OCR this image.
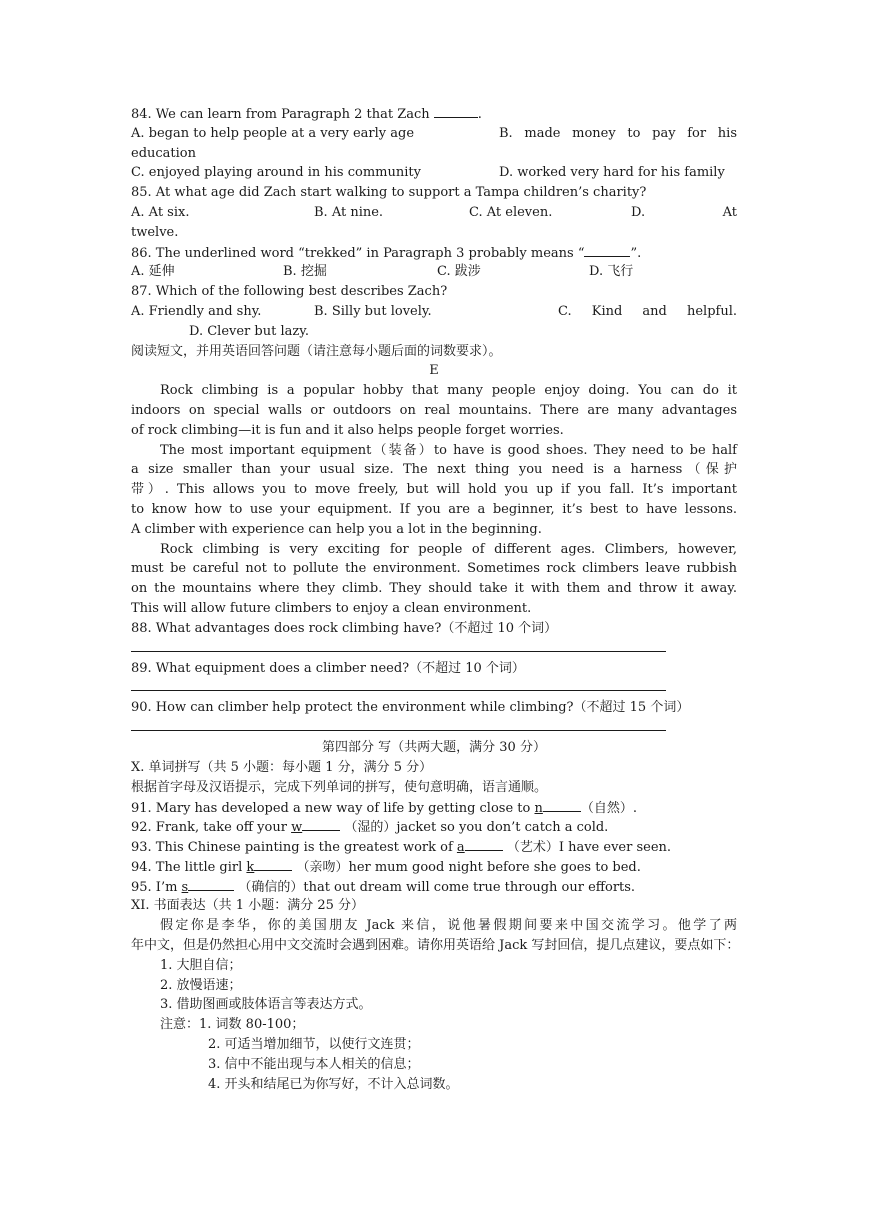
84. We can learn from Paragraph 2 that Zach	.
A. began to help people at a very early age	B. made money to pay for his
education
C. enjoyed playing around in his community	D. worked very hard for his family
85. At what age did Zach start walking to support a Tampa children’s charity?
A. At six.	B. At nine.	C. At eleven.	D. At
twelve.
86. The underlined word “trekked” in Paragraph 3 probably means “	”.
A. 延伸	B. 挖掘	C. 跋涉	D. 飞行
87. Which of the following best describes Zach?
A. Friendly and shy.	B. Silly but lovely.	C. Kind and helpful.
D. Clever but lazy.
阅读短文，并用英语回答问题（请注意每小题后面的词数要求）。
E
Rock climbing is a popular hobby that many people enjoy doing. You can do it
indoors on special walls or outdoors on real mountains. There are many advantages
of rock climbing—it is fun and it also helps people forget worries.
The most important equipment（装备）to have is good shoes. They need to be half
a size smaller than your usual size. The next thing you need is a harness（保护
带）. This allows you to move freely, but will hold you up if you fall. It’s important
to know how to use your equipment. If you are a beginner, it’s best to have lessons.
A climber with experience can help you a lot in the beginning.
Rock climbing is very exciting for people of different ages. Climbers, however,
must be careful not to pollute the environment. Sometimes rock climbers leave rubbish
on the mountains where they climb. They should take it with them and throw it away.
This will allow future climbers to enjoy a clean environment.
88. What advantages does rock climbing have?（不超过 10 个词）
89. What equipment does a climber need?（不超过 10 个词）
90. How can climber help protect the environment while climbing?（不超过 15 个词）
第四部分 写（共两大题，满分 30 分）
X. 单词拼写（共 5 小题：每小题 1 分，满分 5 分）
根据首字母及汉语提示，完成下列单词的拼写，使句意明确，语言通顺。
91. Mary has developed a new way of life by getting close to n	（自然）.
92. Frank, take off your w	（湿的）jacket so you don’t catch a cold.
93. This Chinese painting is the greatest work of a	（艺术）I have ever seen.
94. The little girl k	（亲吻）her mum good night before she goes to bed.
95. I’m s	（确信的）that out dream will come true through our efforts.
XI. 书面表达（共 1 小题：满分 25 分）
假定你是李华，你的美国朋友 Jack 来信，说他暑假期间要来中国交流学习。他学了两
年中文，但是仍然担心用中文交流时会遇到困难。请你用英语给 Jack 写封回信，提几点建议，要点如下：
1. 大胆自信；
2. 放慢语速；
3. 借助图画或肢体语言等表达方式。
注意：1. 词数 80-100；
2. 可适当增加细节，以使行文连贯；
3. 信中不能出现与本人相关的信息；
4. 开头和结尾已为你写好，不计入总词数。
